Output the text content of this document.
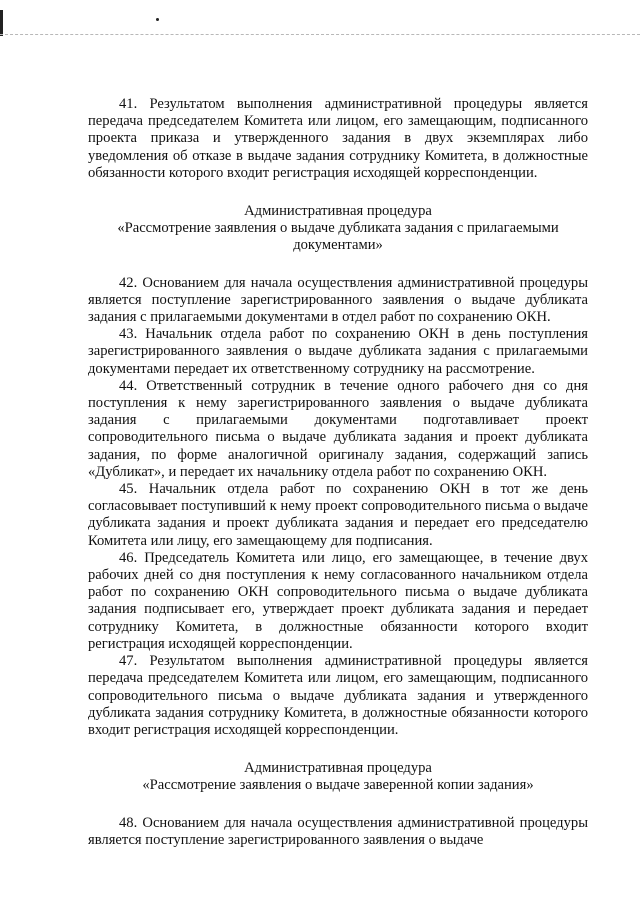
41. Результатом выполнения административной процедуры является передача председателем Комитета или лицом, его замещающим, подписанного проекта приказа и утвержденного задания в двух экземплярах либо уведомления об отказе в выдаче задания сотруднику Комитета, в должностные обязанности которого входит регистрация исходящей корреспонденции.

Административная процедура

«Рассмотрение заявления о выдаче дубликата задания с прилагаемыми документами»

42. Основанием для начала осуществления административной процедуры является поступление зарегистрированного заявления о выдаче дубликата задания с прилагаемыми документами в отдел работ по сохранению ОКН.

43. Начальник отдела работ по сохранению ОКН в день поступления зарегистрированного заявления о выдаче дубликата задания с прилагаемыми документами передает их ответственному сотруднику на рассмотрение.

44. Ответственный сотрудник в течение одного рабочего дня со дня поступления к нему зарегистрированного заявления о выдаче дубликата задания с прилагаемыми документами подготавливает проект сопроводительного письма о выдаче дубликата задания и проект дубликата задания, по форме аналогичной оригиналу задания, содержащий запись «Дубликат», и передает их начальнику отдела работ по сохранению ОКН.

45. Начальник отдела работ по сохранению ОКН в тот же день согласовывает поступивший к нему проект сопроводительного письма о выдаче дубликата задания и проект дубликата задания и передает его председателю Комитета или лицу, его замещающему для подписания.

46. Председатель Комитета или лицо, его замещающее, в течение двух рабочих дней со дня поступления к нему согласованного начальником отдела работ по сохранению ОКН сопроводительного письма о выдаче дубликата задания подписывает его, утверждает проект дубликата задания и передает сотруднику Комитета, в должностные обязанности которого входит регистрация исходящей корреспонденции.

47. Результатом выполнения административной процедуры является передача председателем Комитета или лицом, его замещающим, подписанного сопроводительного письма о выдаче дубликата задания и утвержденного дубликата задания сотруднику Комитета, в должностные обязанности которого входит регистрация исходящей корреспонденции.

Административная процедура

«Рассмотрение заявления о выдаче заверенной копии задания»

48. Основанием для начала осуществления административной процедуры является поступление зарегистрированного заявления о выдаче
